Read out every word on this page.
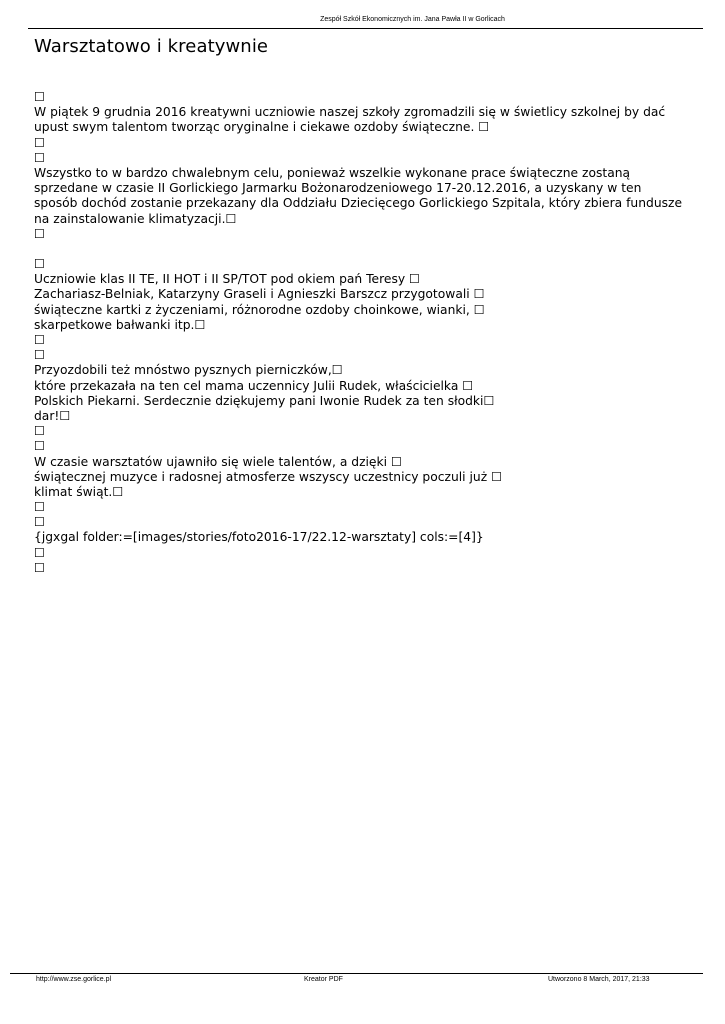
Zespół Szkół Ekonomicznych im. Jana Pawła II w Gorlicach
Warsztatowo i kreatywnie
☐
W piątek 9 grudnia 2016 kreatywni uczniowie naszej szkoły zgromadzili się w świetlicy szkolnej by dać
upust swym talentom tworząc oryginalne i ciekawe ozdoby świąteczne. ☐
☐
☐
Wszystko to w bardzo chwalebnym celu, ponieważ wszelkie wykonane prace świąteczne zostaną
sprzedane w czasie II Gorlickiego Jarmarku Bożonarodzeniowego 17-20.12.2016, a uzyskany w ten
sposób dochód zostanie przekazany dla Oddziału Dziecięcego Gorlickiego Szpitala, który zbiera fundusze
na zainstalowanie klimatyzacji.☐
☐
☐
Uczniowie klas II TE, II HOT i II SP/TOT pod okiem pań Teresy ☐
Zachariasz-Belniak, Katarzyny Graseli i Agnieszki Barszcz przygotowali ☐
świąteczne kartki z życzeniami, różnorodne ozdoby choinkowe, wianki, ☐
skarpetkowe bałwanki itp.☐
☐
☐
Przyozdobili też mnóstwo pysznych pierniczków,☐
które przekazała na ten cel mama uczennicy Julii Rudek, właścicielka ☐
Polskich Piekarni. Serdecznie dziękujemy pani Iwonie Rudek za ten słodki☐
dar!☐
☐
☐
W czasie warsztatów ujawniło się wiele talentów, a dzięki ☐
świątecznej muzyce i radosnej atmosferze wszyscy uczestnicy poczuli już ☐
klimat świąt.☐
☐
☐
{jgxgal folder:=[images/stories/foto2016-17/22.12-warsztaty] cols:=[4]}
☐
☐
http://www.zse.gorlice.pl	Kreator PDF	Utworzono 8 March, 2017, 21:33
